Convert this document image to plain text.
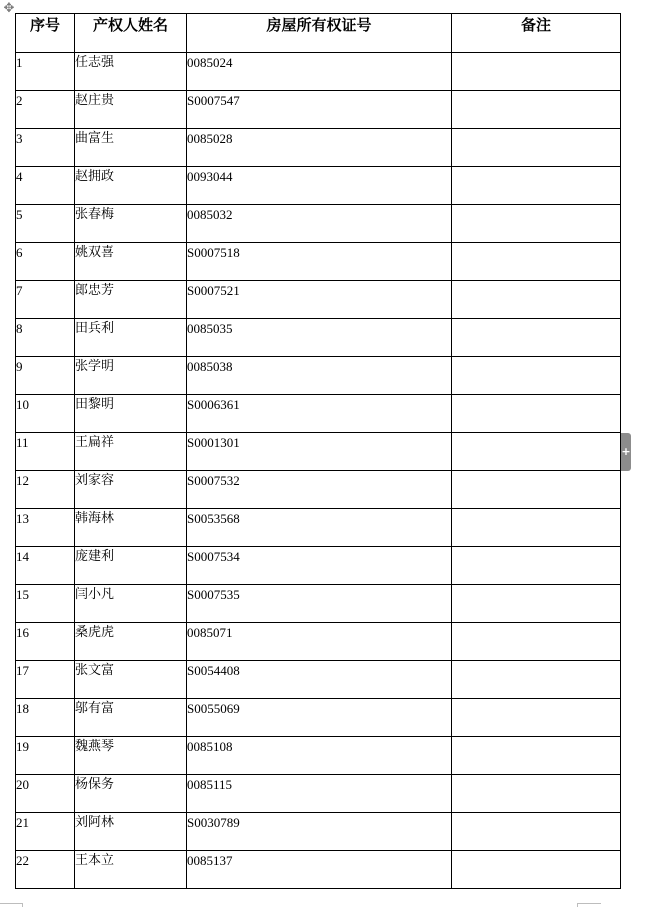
✥
序号	产权人姓名	房屋所有权证号	备注
1	任志强	0085024	
2	赵庄贵	S0007547	
3	曲富生	0085028	
4	赵拥政	0093044	
5	张春梅	0085032	
6	姚双喜	S0007518	
7	郎忠芳	S0007521	
8	田兵利	0085035	
9	张学明	0085038	
10	田黎明	S0006361	
11	王扁祥	S0001301	
12	刘家容	S0007532	
13	韩海林	S0053568	
14	庞建利	S0007534	
15	闫小凡	S0007535	
16	桑虎虎	0085071	
17	张文富	S0054408	
18	邬有富	S0055069	
19	魏燕琴	0085108	
20	杨保务	0085115	
21	刘阿林	S0030789	
22	王本立	0085137	
+
